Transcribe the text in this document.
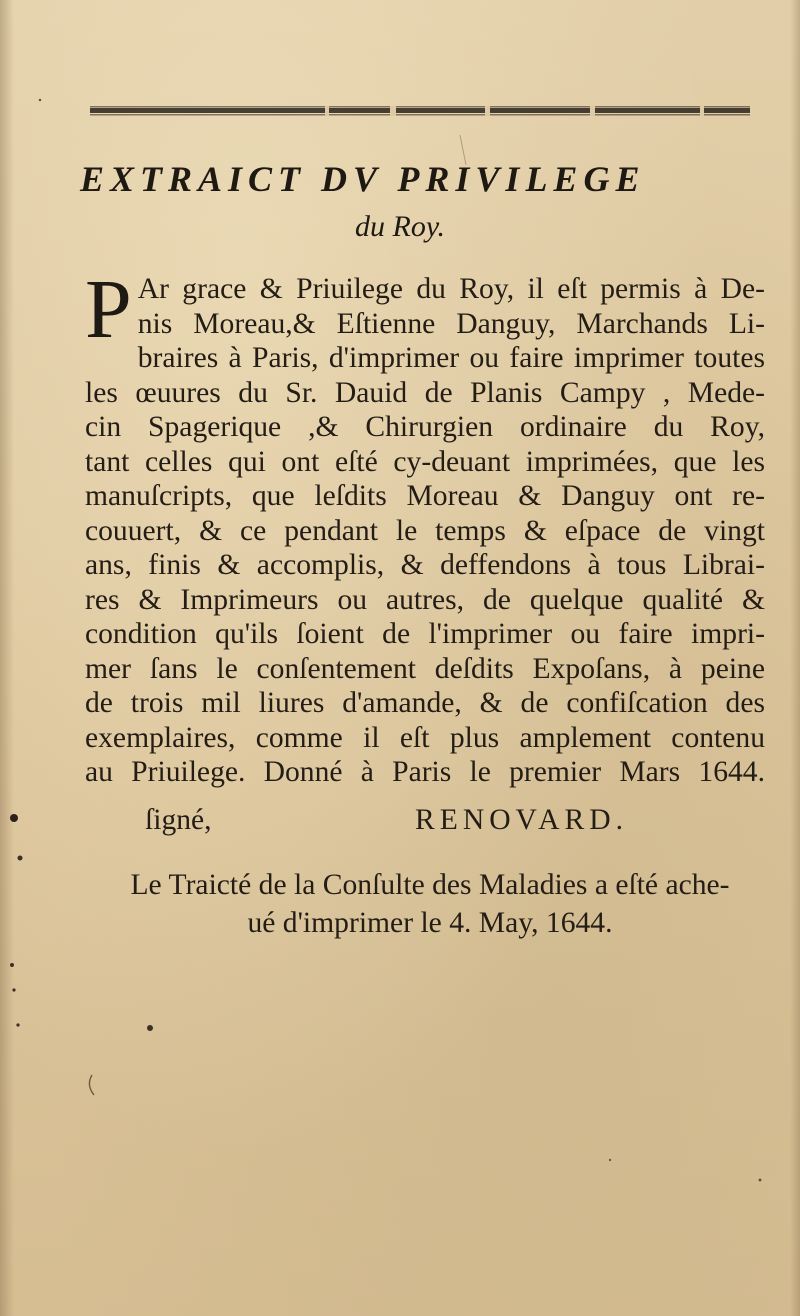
EXTRAICT DV PRIVILEGE
du Roy.
P Ar grace & Priuilege du Roy, il eſt permis à De-
nis Moreau,& Eſtienne Danguy, Marchands Li-
braires à Paris, d'imprimer ou faire imprimer toutes
les œuures du Sr. Dauid de Planis Campy , Mede-
cin Spagerique ,& Chirurgien ordinaire du Roy,
tant celles qui ont eſté cy-deuant imprimées, que les
manuſcripts, que leſdits Moreau & Danguy ont re-
couuert, & ce pendant le temps & eſpace de vingt
ans, finis & accomplis, & deffendons à tous Librai-
res & Imprimeurs ou autres, de quelque qualité &
condition qu'ils ſoient de l'imprimer ou faire impri-
mer ſans le conſentement deſdits Expoſans, à peine
de trois mil liures d'amande, & de confiſcation des
exemplaires, comme il eſt plus amplement contenu
au Priuilege. Donné à Paris le premier Mars 1644.
ſigné,	RENOVARD.
Le Traicté de la Conſulte des Maladies a eſté ache-
ué d'imprimer le 4. May, 1644.
